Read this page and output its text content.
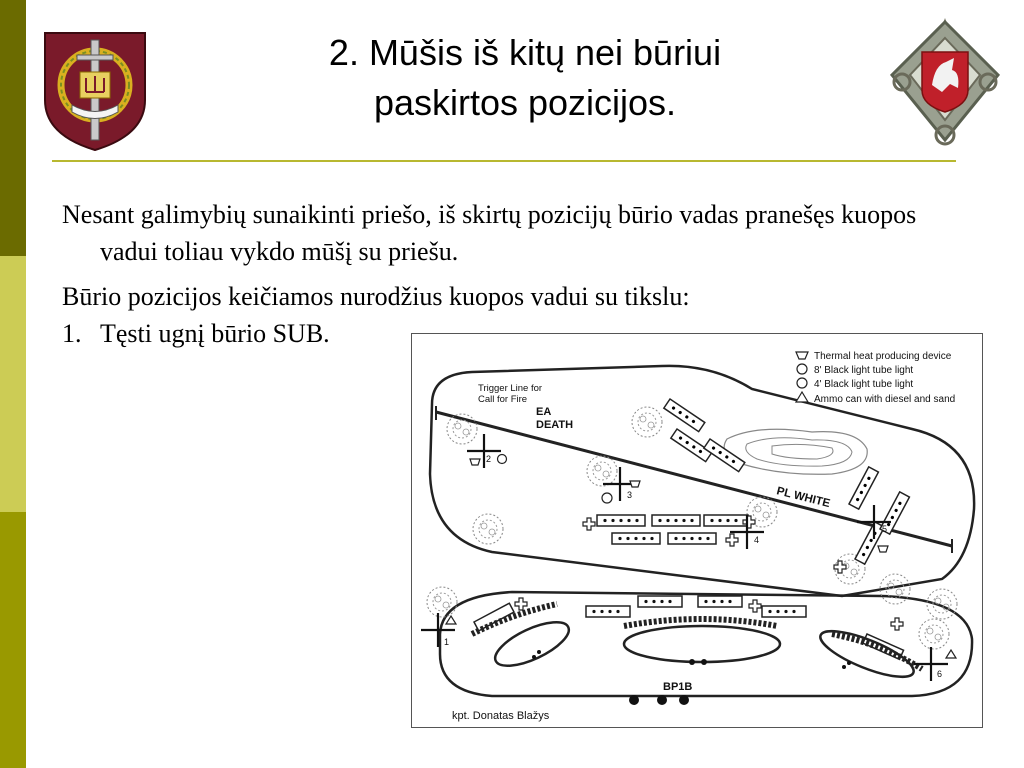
2. Mūšis iš kitų nei būriui
paskirtos pozicijos.
Nesant galimybių sunaikinti priešo, iš skirtų pozicijų būrio vadas pranešęs kuopos vadui toliau vykdo mūšį su priešu.
Būrio pozicijos keičiamos nurodžius kuopos vadui su tikslu:
1. Tęsti ugnį būrio SUB.
Thermal heat producing device
8' Black light tube light
4' Black light tube light
Ammo can with diesel and sand
Trigger Line for
Call for Fire
EA
DEATH
PL WHITE
BP1B
1
2
3
4
5
6
kpt. Donatas Blažys
